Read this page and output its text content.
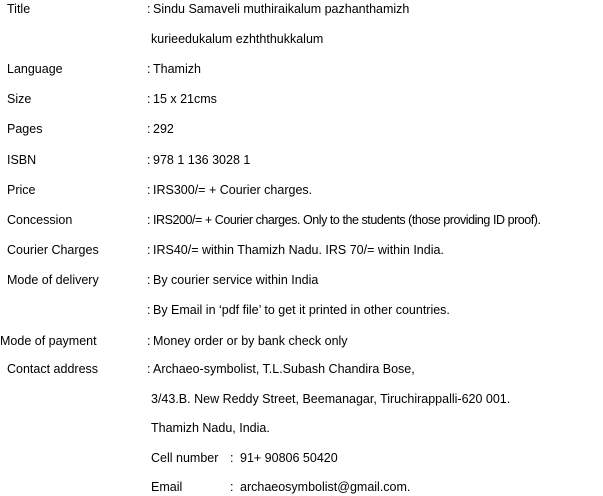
Title	: Sindu Samaveli muthiraikalum pazhanthamizh
kurieedukalum ezhththukkalum
Language	: Thamizh
Size	: 15 x 21cms
Pages	: 292
ISBN	: 978 1 136 3028 1
Price	: IRS300/= + Courier charges.
Concession	: IRS200/= + Courier charges. Only to the students (those providing ID proof).
Courier Charges	: IRS40/= within Thamizh Nadu. IRS 70/= within India.
Mode of delivery	: By courier service within India
: By Email in ‘pdf file’ to get it printed in other countries.
Mode of payment	: Money order or by bank check only
Contact address	: Archaeo-symbolist, T.L.Subash Chandira Bose,
3/43.B. New Reddy Street, Beemanagar, Tiruchirappalli-620 001.
Thamizh Nadu, India.
Cell number : 91+ 90806 50420
Email	: archaeosymbolist@gmail.com.
